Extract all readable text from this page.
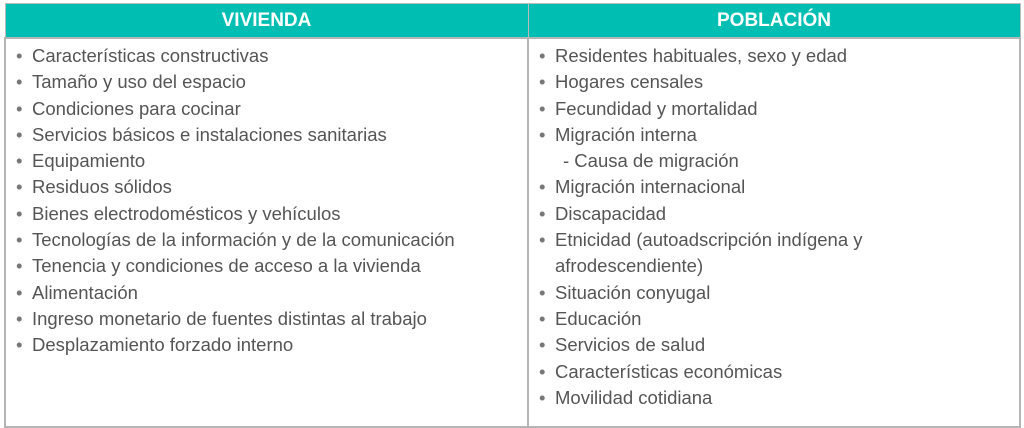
VIVIENDA	POBLACIÓN

• Características constructivas
• Tamaño y uso del espacio
• Condiciones para cocinar
• Servicios básicos e instalaciones sanitarias
• Equipamiento
• Residuos sólidos
• Bienes electrodomésticos y vehículos
• Tecnologías de la información y de la comunicación
• Tenencia y condiciones de acceso a la vivienda
• Alimentación
• Ingreso monetario de fuentes distintas al trabajo
• Desplazamiento forzado interno

• Residentes habituales, sexo y edad
• Hogares censales
• Fecundidad y mortalidad
• Migración interna
- Causa de migración
• Migración internacional
• Discapacidad
• Etnicidad (autoadscripción indígena y
afrodescendiente)
• Situación conyugal
• Educación
• Servicios de salud
• Características económicas
• Movilidad cotidiana
